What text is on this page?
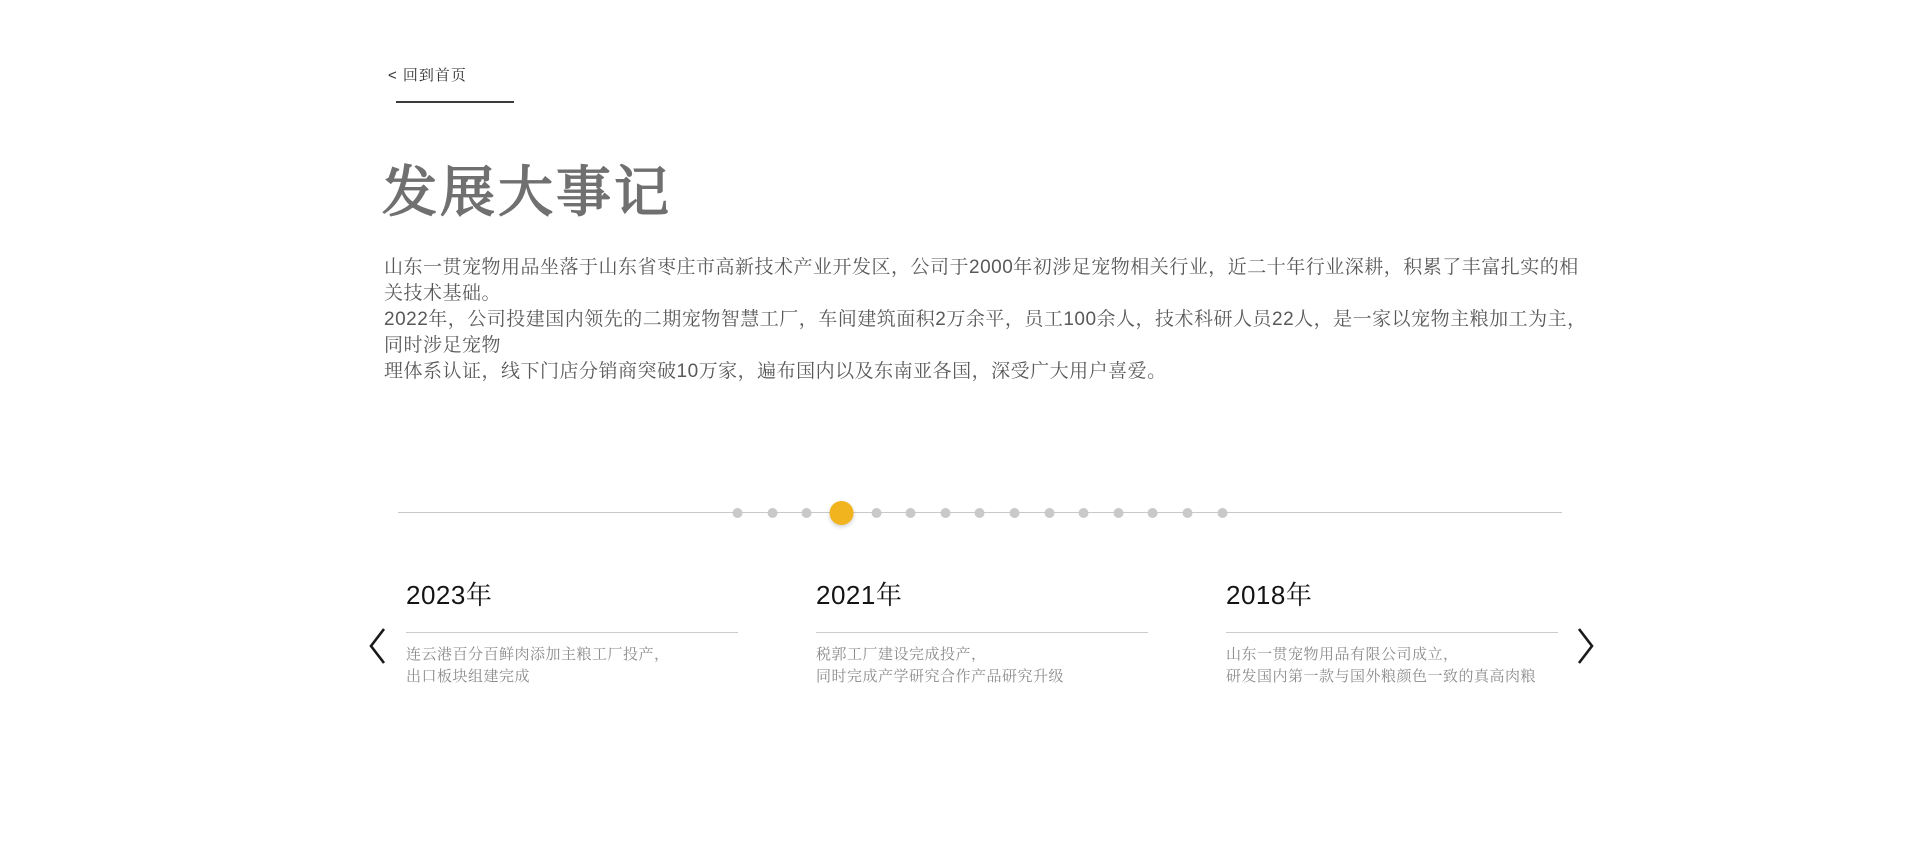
< 回到首页
发展大事记
山东一贯宠物用品坐落于山东省枣庄市高新技术产业开发区，公司于2000年初涉足宠物相关行业，近二十年行业深耕，积累了丰富扎实的相关技术基础。
2022年，公司投建国内领先的二期宠物智慧工厂，车间建筑面积2万余平，员工100余人，技术科研人员22人，是一家以宠物主粮加工为主，同时涉足宠物
理体系认证，线下门店分销商突破10万家，遍布国内以及东南亚各国，深受广大用户喜爱。
2023年
连云港百分百鲜肉添加主粮工厂投产，
出口板块组建完成
2021年
税郭工厂建设完成投产，
同时完成产学研究合作产品研究升级
2018年
山东一贯宠物用品有限公司成立，
研发国内第一款与国外粮颜色一致的真高肉粮
